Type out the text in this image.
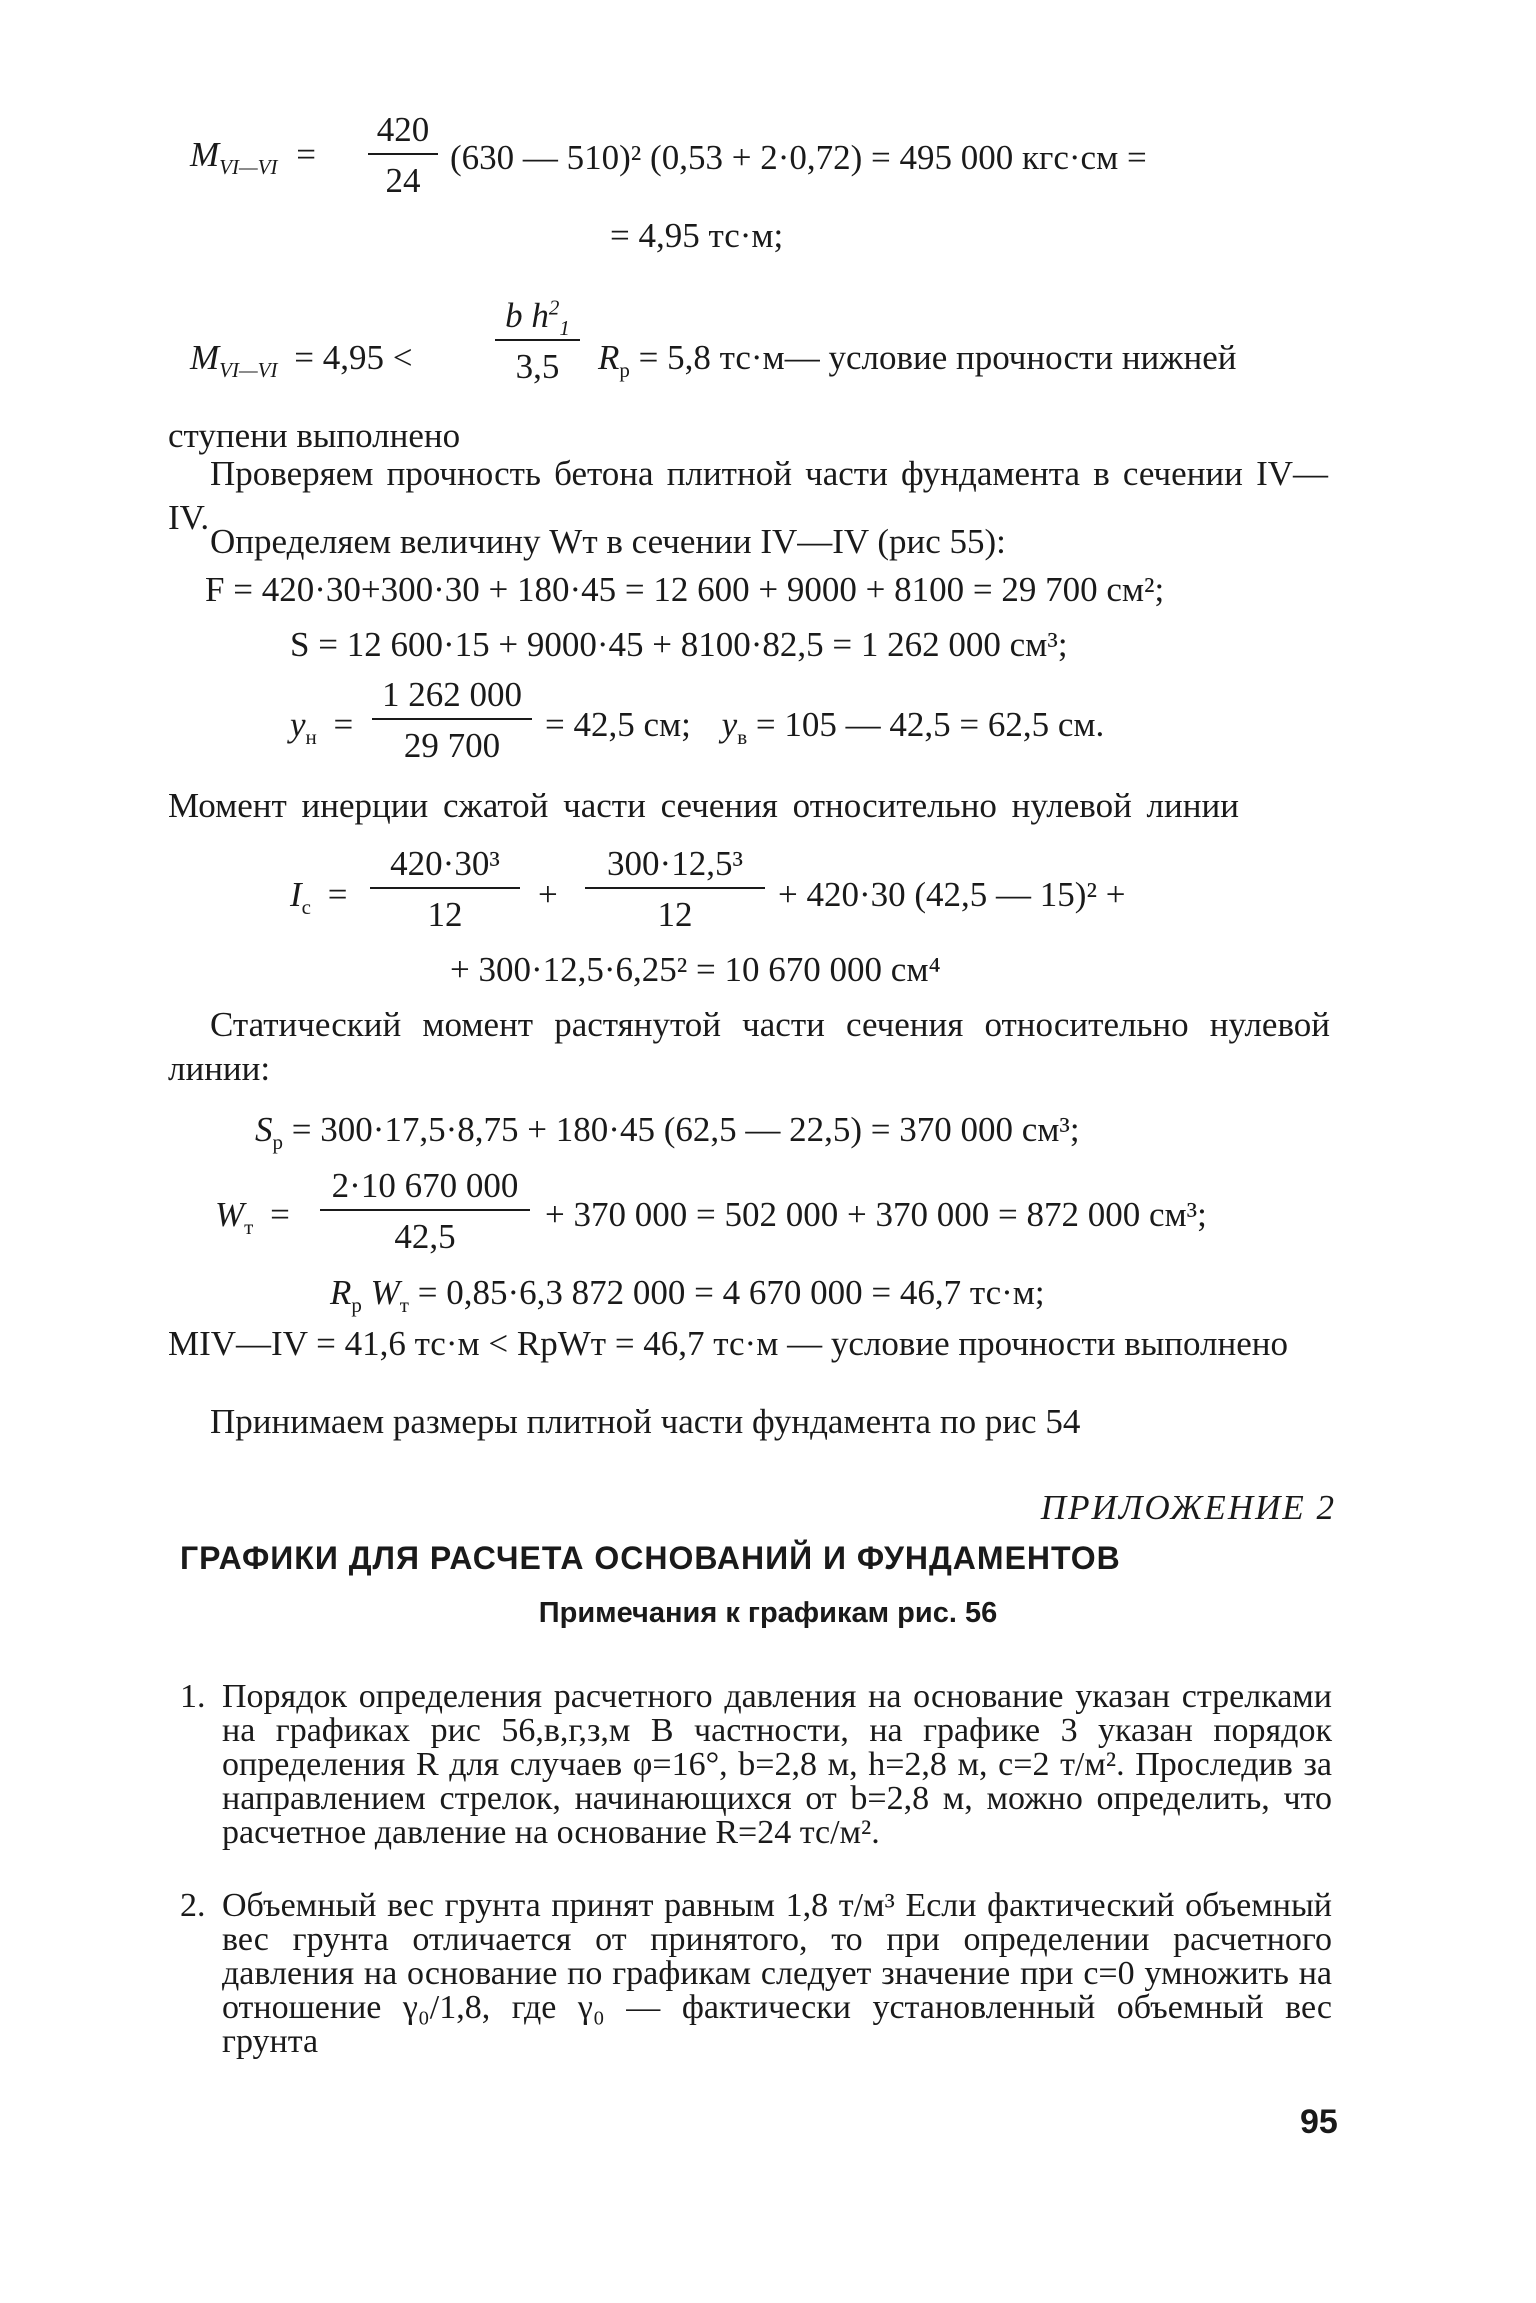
$M_{VI—VI} = \frac{420}{24} (630$ — 510)² (0,53 + 2·0,72) = 495 000 кгс·см =
= 4,95 тс·м;
$M_{VI—VI} = 4,95 < \frac{b h^2_1}{3,5} R_p = 5,8$ тс·м— условие прочности нижней
ступени выполнено
Проверяем прочность бетона плитной части фундамента в сечении IV—IV.
Определяем величину Wт в сечении IV—IV (рис 55):
F = 420·30+300·30 + 180·45 = 12 600 + 9000 + 8100 = 29 700 см²;
S = 12 600·15 + 9000·45 + 8100·82,5 = 1 262 000 см³;
$y_н = \frac{1 262 000}{29 700} = 42,5$ см; $y_в = 105$ — 42,5 = 62,5 см.
Момент инерции сжатой части сечения относительно нулевой линии
$I_c = \frac{\text{420·30³}}{12} + \frac{\text{300·12,5³}}{12} + 420\cdot 30$ (42,5 — 15)² +
+ 300·12,5·6,25² = 10 670 000 см⁴
Статический момент растянутой части сечения относительно нулевой линии:
$S_p = 300\cdot 17,5\cdot 8,75 + 180\cdot 45$ (62,5 — 22,5) = 370 000 см³;
$W_т = \frac{2\cdot 10 670 000}{42,5} + 370$ 000 = 502 000 + 370 000 = 872 000 см³;
$R_p$ $W_т = 0,85\cdot 6,3$ 872 000 = 4 670 000 = 46,7 тс·м;
MIV—IV = 41,6 тс·м < RрWт = 46,7 тс·м — условие прочности выполнено
Принимаем размеры плитной части фундамента по рис 54
ПРИЛОЖЕНИЕ 2
ГРАФИКИ ДЛЯ РАСЧЕТА ОСНОВАНИЙ И ФУНДАМЕНТОВ
Примечания к графикам рис. 56
1. Порядок определения расчетного давления на основание указан стрелками на графиках рис 56,в,г,з,м В частности, на графике 3 указан порядок определения R для случаев φ=16°, b=2,8 м, h=2,8 м, c=2 т/м². Проследив за направлением стрелок, начинающихся от b=2,8 м, можно определить, что расчетное давление на основание R=24 тс/м².
2. Объемный вес грунта принят равным 1,8 т/м³ Если фактический объемный вес грунта отличается от принятого, то при определении расчетного давления на основание по графикам следует значение при c=0 умножить на отношение γ₀/1,8, где γ₀ — фактически установленный объемный вес грунта
95
